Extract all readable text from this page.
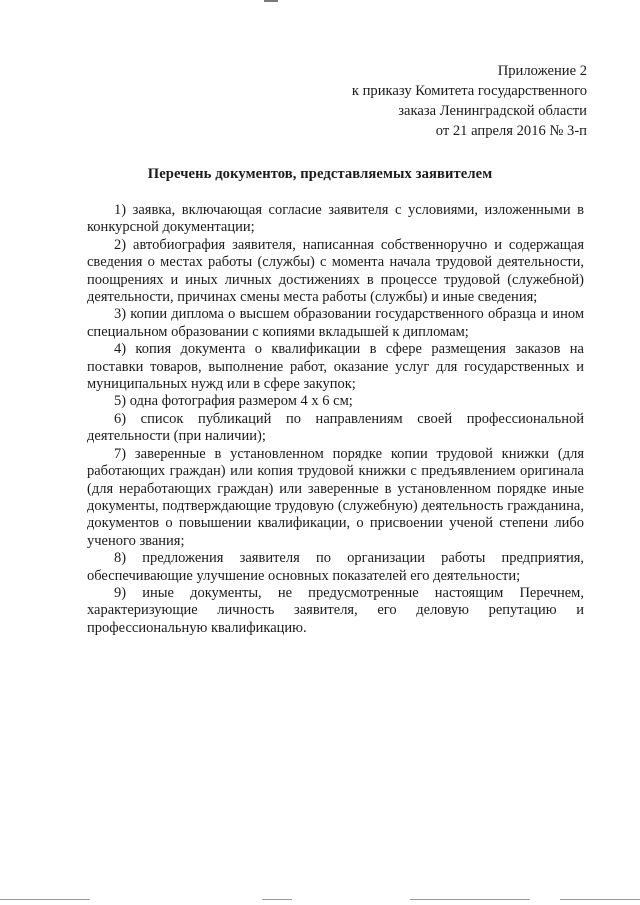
Приложение 2
к приказу Комитета государственного
заказа Ленинградской области
от 21 апреля 2016 № 3-п
Перечень документов, представляемых заявителем

1) заявка, включающая согласие заявителя с условиями, изложенными в конкурсной документации;

2) автобиография заявителя, написанная собственноручно и содержащая сведения о местах работы (службы) с момента начала трудовой деятельности, поощрениях и иных личных достижениях в процессе трудовой (служебной) деятельности, причинах смены места работы (службы) и иные сведения;

3) копии диплома о высшем образовании государственного образца и ином специальном образовании с копиями вкладышей к дипломам;

4) копия документа о квалификации в сфере размещения заказов на поставки товаров, выполнение работ, оказание услуг для государственных и муниципальных нужд или в сфере закупок;

5) одна фотография размером 4 х 6 см;

6) список публикаций по направлениям своей профессиональной деятельности (при наличии);

7) заверенные в установленном порядке копии трудовой книжки (для работающих граждан) или копия трудовой книжки с предъявлением оригинала (для неработающих граждан) или заверенные в установленном порядке иные документы, подтверждающие трудовую (служебную) деятельность гражданина, документов о повышении квалификации, о присвоении ученой степени либо ученого звания;

8) предложения заявителя по организации работы предприятия, обеспечивающие улучшение основных показателей его деятельности;

9) иные документы, не предусмотренные настоящим Перечнем, характеризующие личность заявителя, его деловую репутацию и профессиональную квалификацию.
